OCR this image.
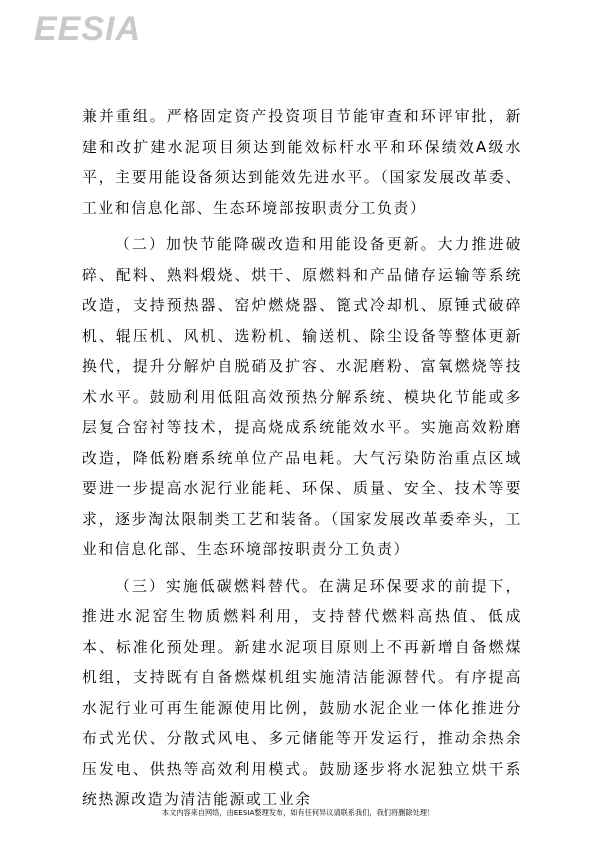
EESIA

兼并重组。严格固定资产投资项目节能审查和环评审批，新建和改扩建水泥项目须达到能效标杆水平和环保绩效A级水平，主要用能设备须达到能效先进水平。（国家发展改革委、工业和信息化部、生态环境部按职责分工负责）

（二）加快节能降碳改造和用能设备更新。大力推进破碎、配料、熟料煅烧、烘干、原燃料和产品储存运输等系统改造，支持预热器、窑炉燃烧器、篦式冷却机、原锤式破碎机、辊压机、风机、选粉机、输送机、除尘设备等整体更新换代，提升分解炉自脱硝及扩容、水泥磨粉、富氧燃烧等技术水平。鼓励利用低阻高效预热分解系统、模块化节能或多层复合窑衬等技术，提高烧成系统能效水平。实施高效粉磨改造，降低粉磨系统单位产品电耗。大气污染防治重点区域要进一步提高水泥行业能耗、环保、质量、安全、技术等要求，逐步淘汰限制类工艺和装备。（国家发展改革委牵头，工业和信息化部、生态环境部按职责分工负责）

（三）实施低碳燃料替代。在满足环保要求的前提下，推进水泥窑生物质燃料利用，支持替代燃料高热值、低成本、标准化预处理。新建水泥项目原则上不再新增自备燃煤机组，支持既有自备燃煤机组实施清洁能源替代。有序提高水泥行业可再生能源使用比例，鼓励水泥企业一体化推进分布式光伏、分散式风电、多元储能等开发运行，推动余热余压发电、供热等高效利用模式。鼓励逐步将水泥独立烘干系统热源改造为清洁能源或工业余

本文内容来自网络，由EESIA整理发布，如有任何异议请联系我们，我们将删除处理！
